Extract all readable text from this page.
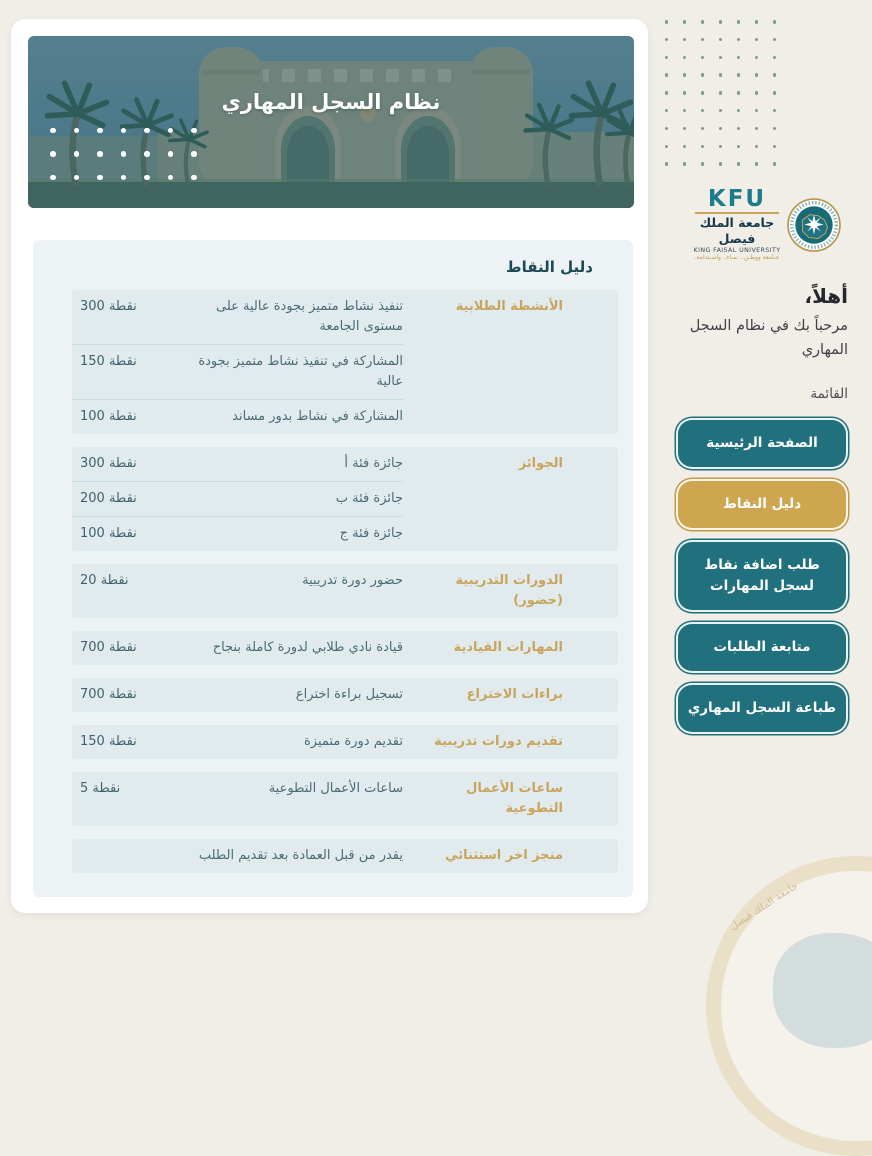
نظام السجل المهاري
دليل النقاط
الأنشطة الطلابية
تنفيذ نشاط متميز بجودة عالية على مستوى الجامعة
300 نقطة
المشاركة في تنفيذ نشاط متميز بجودة عالية
150 نقطة
المشاركة في نشاط بدور مساند
100 نقطة
الجوائز
جائزة فئة أ
300 نقطة
جائزة فئة ب
200 نقطة
جائزة فئة ج
100 نقطة
الدورات التدريبية (حضور)
حضور دورة تدريبية
20 نقطة
المهارات القيادية
قيادة نادي طلابي لدورة كاملة بنجاح
700 نقطة
براءات الاختراع
تسجيل براءة اختراع
700 نقطة
تقديم دورات تدريبية
تقديم دورة متميزة
150 نقطة
ساعات الأعمال التطوعية
ساعات الأعمال التطوعية
5 نقطة
منجز اخر استثنائي
يقدر من قبل العمادة بعد تقديم الطلب
KFU
جامعة الملك فيصل
KING FAISAL UNIVERSITY
جـامعة ووطـن.. نمـاء.. واسـتدامة.
أهلاً،
مرحباً بك في نظام السجل المهاري
القائمة
الصفحة الرئيسية
دليل النقاط
طلب اضافة نقاط لسجل المهارات
متابعة الطلبات
طباعة السجل المهاري
جامعة الملك فيصل
